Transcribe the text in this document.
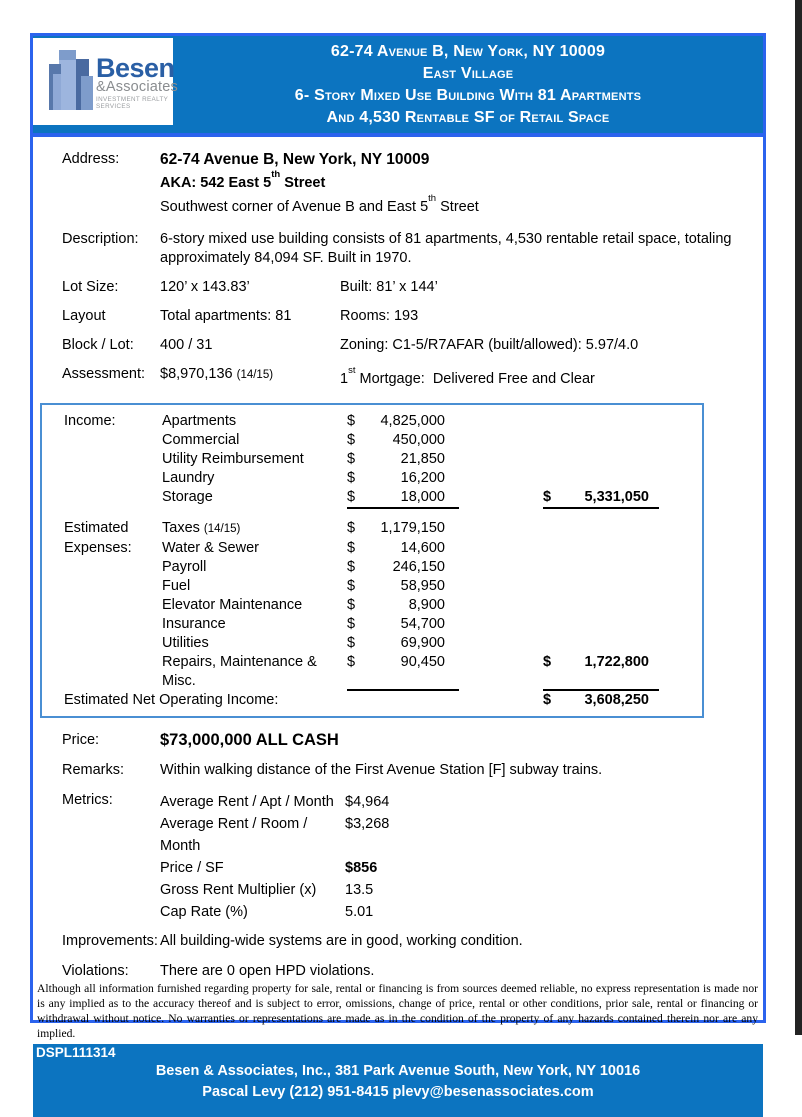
Besen
&Associates
INVESTMENT REALTY SERVICES
62-74 Avenue B, New York, NY 10009
East Village
6- Story Mixed Use Building With 81 Apartments
And 4,530 Rentable SF of Retail Space
Address:	62-74 Avenue B, New York, NY 10009
AKA: 542 East 5th Street
Southwest corner of Avenue B and East 5th Street
Description:	6-story mixed use building consists of 81 apartments, 4,530 rentable retail space, totaling approximately 84,094 SF. Built in 1970.
Lot Size:	120’ x 143.83’	Built: 81’ x 144’
Layout	Total apartments: 81	Rooms: 193
Block / Lot:	400 / 31	Zoning: C1-5/R7AFAR (built/allowed): 5.97/4.0
Assessment:	$8,970,136 (14/15)	1st Mortgage:  Delivered Free and Clear
Income:	Apartments	$ 4,825,000
Commercial	$	450,000
Utility Reimbursement	$	21,850
Laundry	$	16,200
Storage	$	18,000	$ 5,331,050
Estimated	Taxes (14/15)	$ 1,179,150
Expenses:	Water & Sewer	$	14,600
Payroll	$	246,150
Fuel	$	58,950
Elevator Maintenance	$	8,900
Insurance	$	54,700
Utilities	$	69,900
Repairs, Maintenance & Misc.
$	90,450	$ 1,722,800
Estimated Net Operating Income:	$ 3,608,250
Price:	$73,000,000 ALL CASH
Remarks:	Within walking distance of the First Avenue Station [F] subway trains.
Metrics:	Average Rent / Apt / Month $4,964
Average Rent / Room / Month
$3,268
Price / SF	$856
Gross Rent Multiplier (x)	13.5
Cap Rate (%)	5.01
Improvements: All building-wide systems are in good, working condition.
Violations:	There are 0 open HPD violations.
Although all information furnished regarding property for sale, rental or financing is from sources deemed reliable, no express representation is made nor is any implied as to the accuracy thereof and is subject to error, omissions, change of price, rental or other conditions, prior sale, rental or financing or withdrawal without notice. No warranties or representations are made as in the condition of the property of any hazards contained therein nor are any implied.
DSPL111314
Besen & Associates, Inc., 381 Park Avenue South, New York, NY 10016
Pascal Levy (212) 951-8415 plevy@besenassociates.com
